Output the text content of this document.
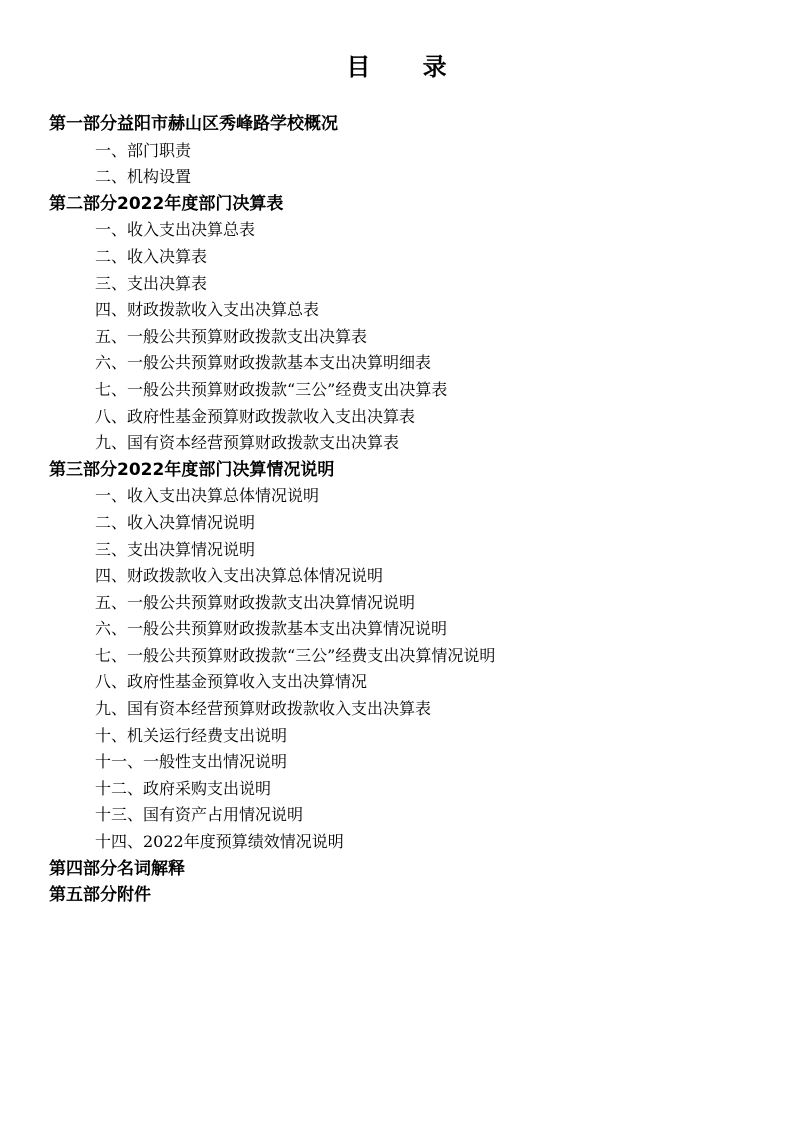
目 录
第一部分益阳市赫山区秀峰路学校概况
一、部门职责
二、机构设置
第二部分2022年度部门决算表
一、收入支出决算总表
二、收入决算表
三、支出决算表
四、财政拨款收入支出决算总表
五、一般公共预算财政拨款支出决算表
六、一般公共预算财政拨款基本支出决算明细表
七、一般公共预算财政拨款“三公”经费支出决算表
八、政府性基金预算财政拨款收入支出决算表
九、国有资本经营预算财政拨款支出决算表
第三部分2022年度部门决算情况说明
一、收入支出决算总体情况说明
二、收入决算情况说明
三、支出决算情况说明
四、财政拨款收入支出决算总体情况说明
五、一般公共预算财政拨款支出决算情况说明
六、一般公共预算财政拨款基本支出决算情况说明
七、一般公共预算财政拨款“三公”经费支出决算情况说明
八、政府性基金预算收入支出决算情况
九、国有资本经营预算财政拨款收入支出决算表
十、机关运行经费支出说明
十一、一般性支出情况说明
十二、政府采购支出说明
十三、国有资产占用情况说明
十四、2022年度预算绩效情况说明
第四部分名词解释
第五部分附件
